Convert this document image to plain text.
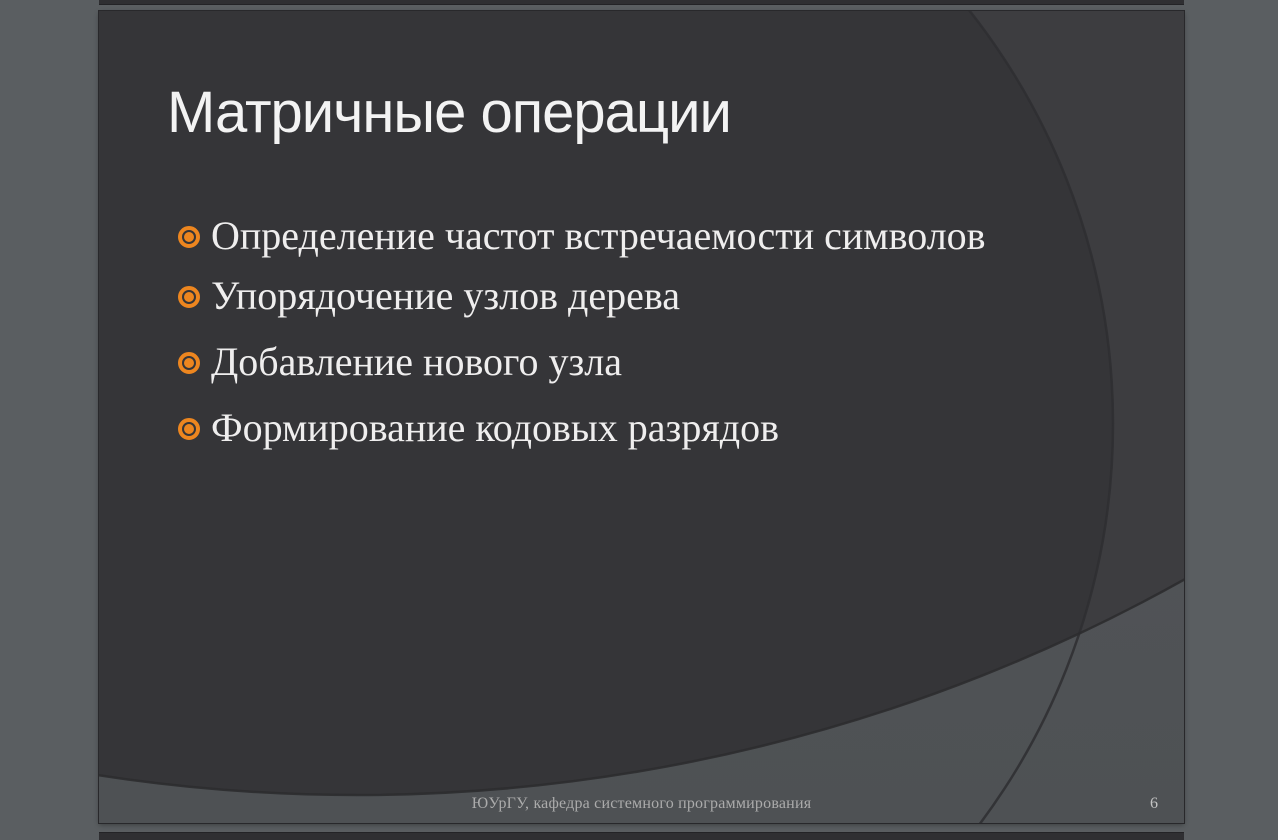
Матричные операции
Определение частот встречаемости символов
Упорядочение узлов дерева
Добавление нового узла
Формирование кодовых разрядов
ЮУрГУ, кафедра системного программирования	6
